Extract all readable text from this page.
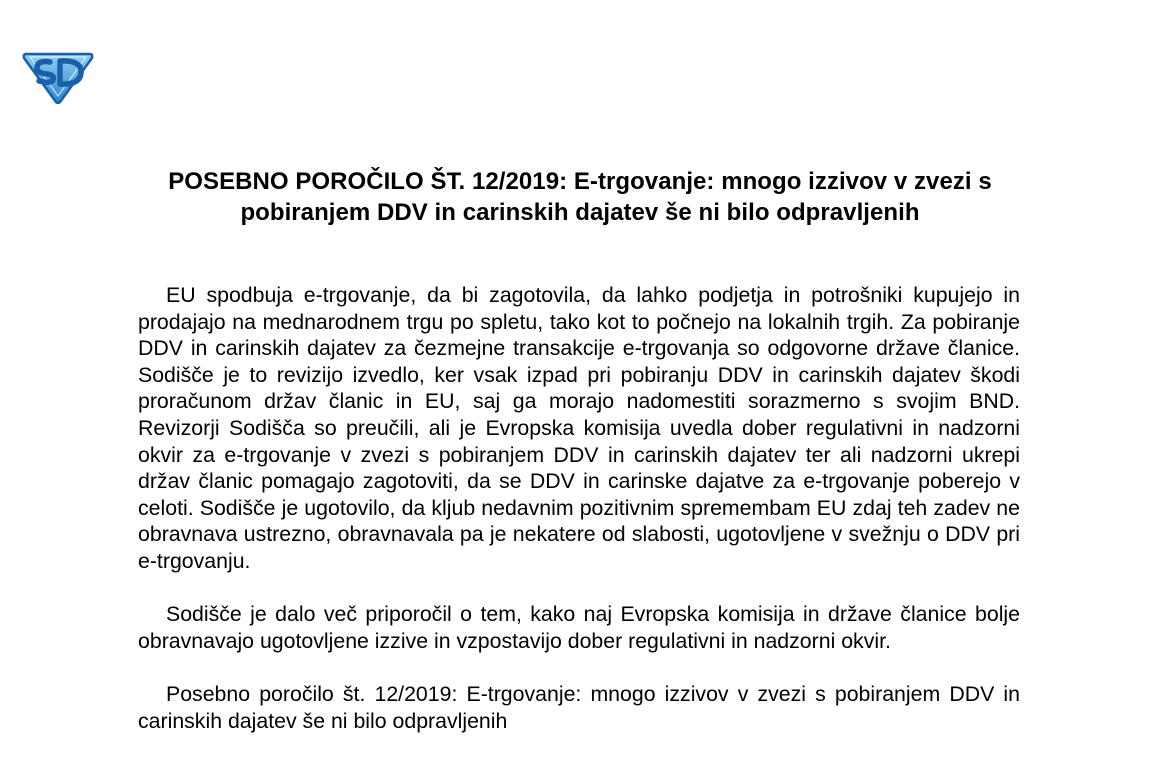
POSEBNO POROČILO ŠT. 12/2019: E-trgovanje: mnogo izzivov v zvezi s pobiranjem DDV in carinskih dajatev še ni bilo odpravljenih

EU spodbuja e-trgovanje, da bi zagotovila, da lahko podjetja in potrošniki kupujejo in prodajajo na mednarodnem trgu po spletu, tako kot to počnejo na lokalnih trgih. Za pobiranje DDV in carinskih dajatev za čezmejne transakcije e-trgovanja so odgovorne države članice. Sodišče je to revizijo izvedlo, ker vsak izpad pri pobiranju DDV in carinskih dajatev škodi proračunom držav članic in EU, saj ga morajo nadomestiti sorazmerno s svojim BND. Revizorji Sodišča so preučili, ali je Evropska komisija uvedla dober regulativni in nadzorni okvir za e-trgovanje v zvezi s pobiranjem DDV in carinskih dajatev ter ali nadzorni ukrepi držav članic pomagajo zagotoviti, da se DDV in carinske dajatve za e-trgovanje poberejo v celoti. Sodišče je ugotovilo, da kljub nedavnim pozitivnim spremembam EU zdaj teh zadev ne obravnava ustrezno, obravnavala pa je nekatere od slabosti, ugotovljene v svežnju o DDV pri e-trgovanju.

Sodišče je dalo več priporočil o tem, kako naj Evropska komisija in države članice bolje obravnavajo ugotovljene izzive in vzpostavijo dober regulativni in nadzorni okvir.

Posebno poročilo št. 12/2019: E-trgovanje: mnogo izzivov v zvezi s pobiranjem DDV in carinskih dajatev še ni bilo odpravljenih
